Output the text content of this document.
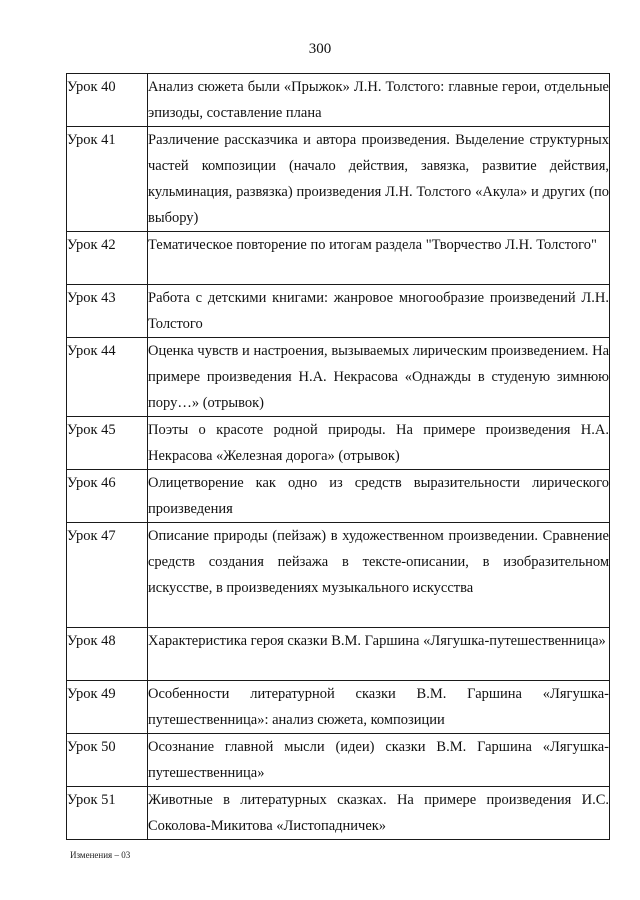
300
Урок 40	Анализ сюжета были «Прыжок» Л.Н. Толстого: главные герои, отдельные эпизоды, составление плана
Урок 41	Различение рассказчика и автора произведения. Выделение структурных частей композиции (начало действия, завязка, развитие действия, кульминация, развязка) произведения Л.Н. Толстого «Акула» и других (по выбору)
Урок 42	Тематическое повторение по итогам раздела "Творчество Л.Н. Толстого"
Урок 43	Работа с детскими книгами: жанровое многообразие произведений Л.Н. Толстого
Урок 44	Оценка чувств и настроения, вызываемых лирическим произведением. На примере произведения Н.А. Некрасова «Однажды в студеную зимнюю пору…» (отрывок)
Урок 45	Поэты о красоте родной природы. На примере произведения Н.А. Некрасова «Железная дорога» (отрывок)
Урок 46	Олицетворение как одно из средств выразительности лирического произведения
Урок 47	Описание природы (пейзаж) в художественном произведении. Сравнение средств создания пейзажа в тексте-описании, в изобразительном искусстве, в произведениях музыкального искусства
Урок 48	Характеристика героя сказки В.М. Гаршина «Лягушка-путешественница»
Урок 49	Особенности литературной сказки В.М. Гаршина «Лягушка-путешественница»: анализ сюжета, композиции
Урок 50	Осознание главной мысли (идеи) сказки В.М. Гаршина «Лягушка-путешественница»
Урок 51	Животные в литературных сказках. На примере произведения И.С. Соколова-Микитова «Листопадничек»
Изменения – 03
